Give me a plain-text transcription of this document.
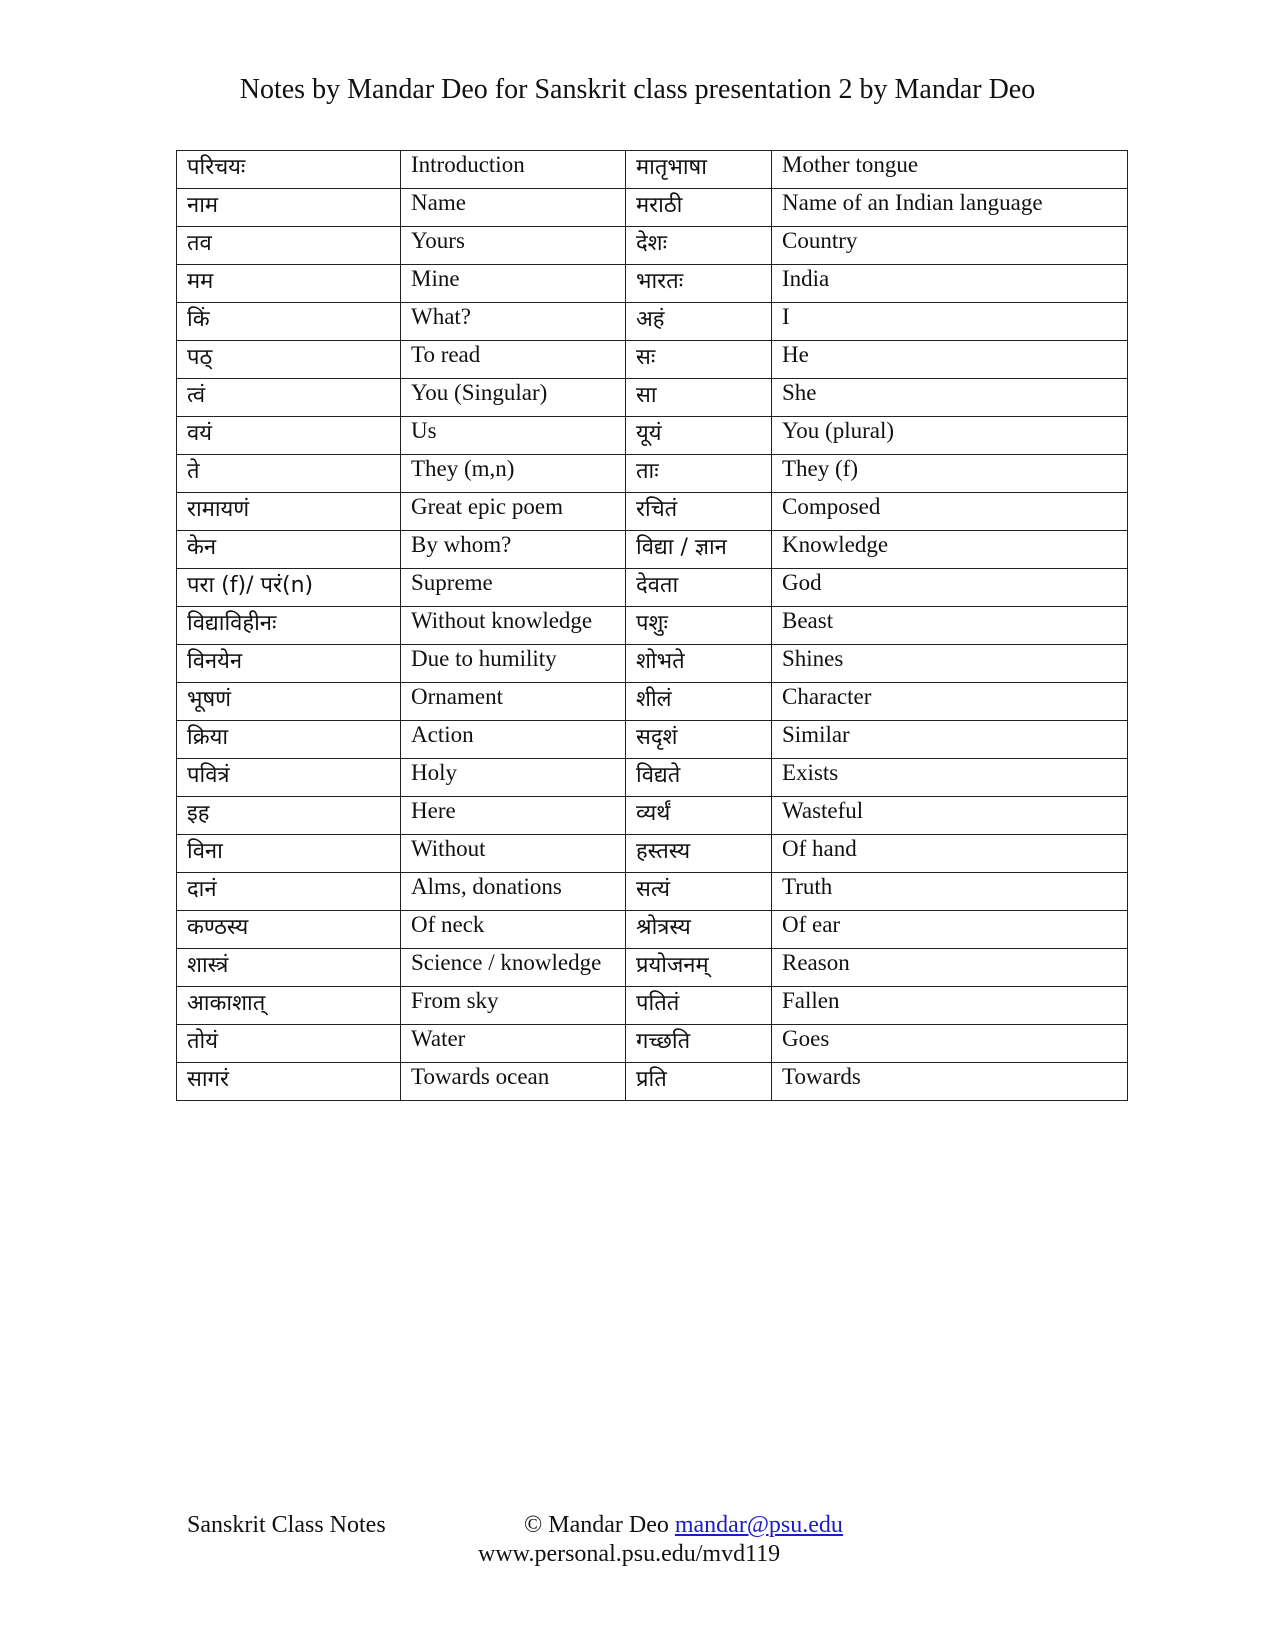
Notes by Mandar Deo for Sanskrit class presentation 2 by Mandar Deo
परिचयः	Introduction	मातृभाषा	Mother tongue
नाम	Name	मराठी	Name of an Indian language
तव	Yours	देशः	Country
मम	Mine	भारतः	India
किं	What?	अहं	I
पठ्	To read	सः	He
त्वं	You (Singular)	सा	She
वयं	Us	यूयं	You (plural)
ते	They (m,n)	ताः	They (f)
रामायणं	Great epic poem	रचितं	Composed
केन	By whom?	विद्या / ज्ञान	Knowledge
परा (f)/ परं(n)	Supreme	देवता	God
विद्याविहीनः	Without knowledge	पशुः	Beast
विनयेन	Due to humility	शोभते	Shines
भूषणं	Ornament	शीलं	Character
क्रिया	Action	सदृशं	Similar
पवित्रं	Holy	विद्यते	Exists
इह	Here	व्यर्थं	Wasteful
विना	Without	हस्तस्य	Of hand
दानं	Alms, donations	सत्यं	Truth
कण्ठस्य	Of neck	श्रोत्रस्य	Of ear
शास्त्रं	Science / knowledge	प्रयोजनम्	Reason
आकाशात्	From sky	पतितं	Fallen
तोयं	Water	गच्छति	Goes
सागरं	Towards ocean	प्रति	Towards
Sanskrit Class Notes	© Mandar Deo mandar@psu.edu
www.personal.psu.edu/mvd119
